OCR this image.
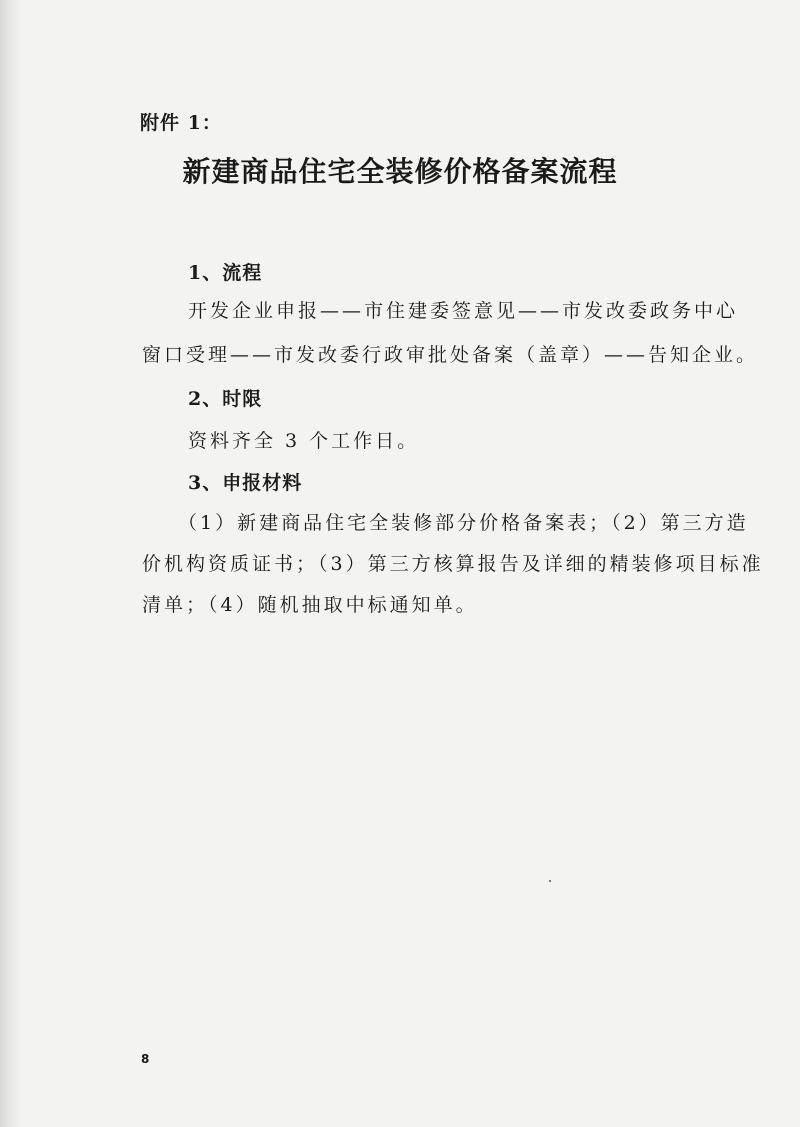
附件 1：
新建商品住宅全装修价格备案流程
1、流程
开发企业申报——市住建委签意见——市发改委政务中心
窗口受理——市发改委行政审批处备案（盖章）——告知企业。
2、时限
资料齐全 3 个工作日。
3、申报材料
（1）新建商品住宅全装修部分价格备案表；（2）第三方造
价机构资质证书；（3）第三方核算报告及详细的精装修项目标准
清单；（4）随机抽取中标通知单。
8
